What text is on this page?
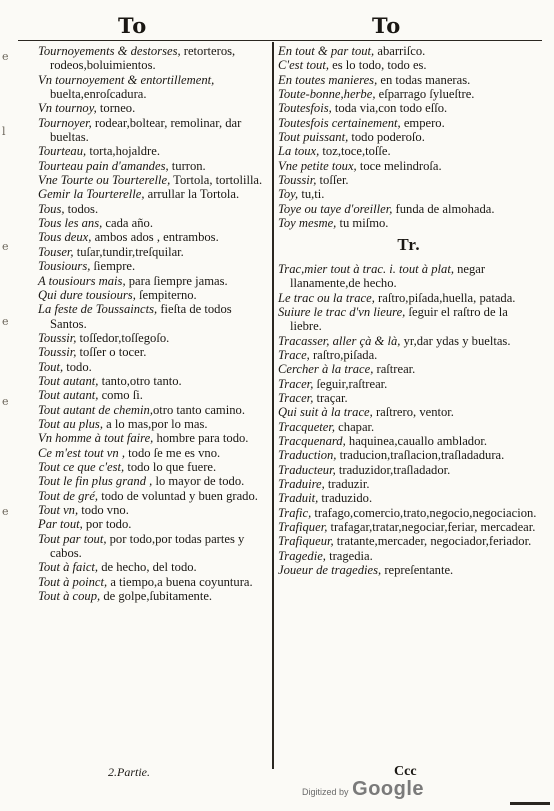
To	To
e
l
e
e
e
e
Tournoyements & destorses, retorteros, rodeos,boluimientos.
Vn tournoyement & entortillement, bueltа,enroſcadura.
Vn tournoy, torneo.
Tournoyer, rodear,bolteаr, remolinar, dar bueltas.
Tourteau, torta,hojaldre.
Tourteau pain d'amandes, turron.
Vne Tourte ou Tourterelle, Tortola, tortolilla.
Gemir la Tourterelle, arrullar la Tortola.
Tous, todos.
Tous les ans, cada año.
Tous deux, ambos ados , entrambos.
Touser, tuſar,tundir,treſquilar.
Tousiours, ſiempre.
A tousiours mais, para ſiempre jamas.
Qui dure tousiours, ſempiterno.
La feste de Toussaincts, fieſta de todos Santos.
Toussir, toſſedor,toſſegoſo.
Toussir, toſſer o tocer.
Tout, todo.
Tout autant, tanto,otro tanto.
Tout autant, como ſi.
Tout autant de chemin,otro tanto camino.
Tout au plus, a lo mas,por lo mas.
Vn homme à tout faire, hombre para todo.
Ce m'est tout vn , todo ſe me es vno.
Tout ce que c'est, todo lo que fuere.
Tout le fin plus grand , lo mayor de todo.
Tout de gré, todo de voluntad y buen grado.
Tout vn, todo vno.
Par tout, por todo.
Tout par tout, por todo,por todas partes y cabos.
Tout à faict, de hecho, del todo.
Tout à poinct, a tiempo,a buena coyuntura.
Tout à coup, de golpe,ſubitamente.
En tout & par tout, abarriſco.
C'est tout, es lo todo, todo es.
En toutes manieres, en todas maneras.
Toute-bonne,herbe, eſparrago ſylueſtre.
Toutesfois, toda via,con todo eſſo.
Toutesfois certainement, empero.
Tout puissant, todo poderoſo.
La toux, toz,toce,toſſe.
Vne petite toux, toce melindroſa.
Toussir, toſſer.
Toy, tu,ti.
Toye ou taye d'oreiller, funda de almohada.
Toy mesme, tu miſmo.
Tr.
Trac,mier tout à trac. i. tout à plat, negar llanamente,de hecho.
Le trac ou la trace, raſtro,piſada,huella, patada.
Suiure le trac d'vn lieure, ſeguir el raſtro de la liebre.
Tracasser, aller çà & là, yr,dar ydas y bueltas.
Trace, raſtro,piſada.
Cercher à la trace, raſtrear.
Tracer, ſeguir,raſtrear.
Tracer, traçar.
Qui suit à la trace, raſtrero, ventor.
Tracqueter, chapar.
Tracquenard, haquinea,cauallo amblador.
Traduction, traducion,traſlacion,traſladadura.
Traducteur, traduzidor,traſladador.
Traduire, traduzir.
Traduit, traduzido.
Trafic, trafago,comercio,trato,negocio,negociacion.
Trafiquer, trafagar,tratar,negociar,feriar, mercadear.
Trafiqueur, tratante,mercader, negociador,feriador.
Tragedie, tragedia.
Joueur de tragedies, repreſentante.
2.Partie.	Ccc
Digitized by Google
